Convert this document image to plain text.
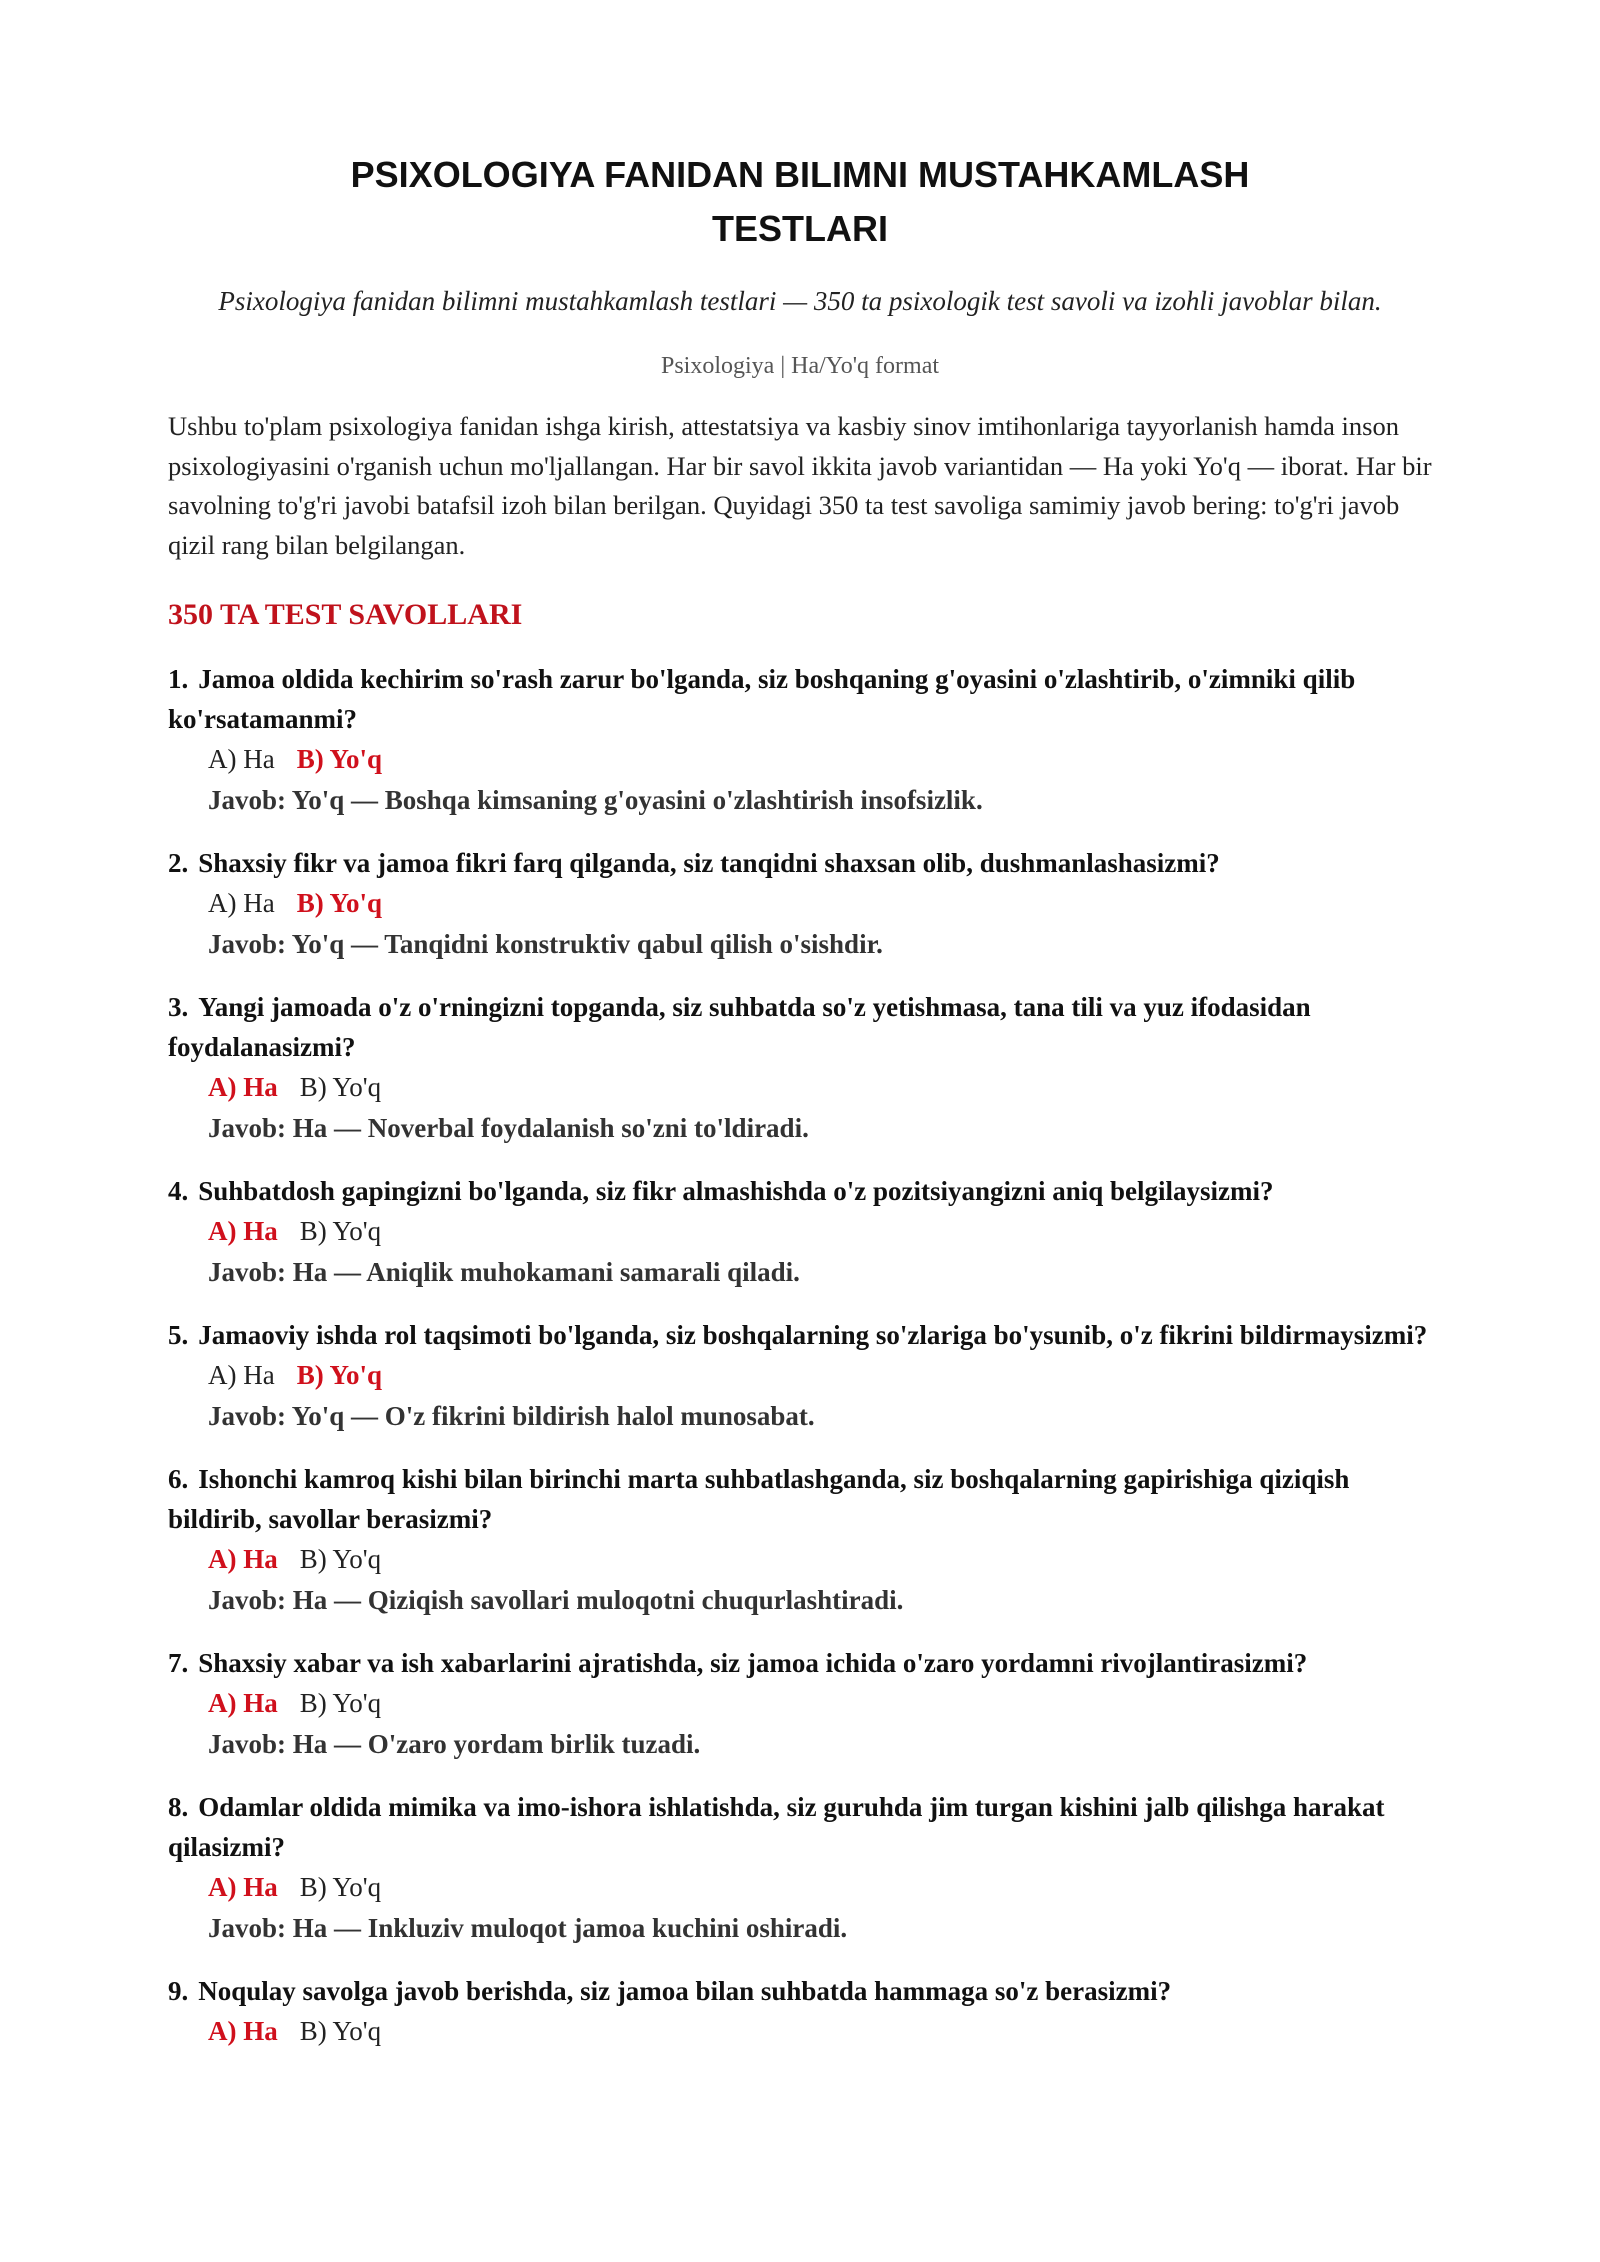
PSIXOLOGIYA FANIDAN BILIMNI MUSTAHKAMLASH
TESTLARI
Psixologiya fanidan bilimni mustahkamlash testlari — 350 ta psixologik test savoli va izohli javoblar bilan.
Psixologiya | Ha/Yo'q format
Ushbu to'plam psixologiya fanidan ishga kirish, attestatsiya va kasbiy sinov imtihonlariga tayyorlanish hamda inson psixologiyasini o'rganish uchun mo'ljallangan. Har bir savol ikkita javob variantidan — Ha yoki Yo'q — iborat. Har bir savolning to'g'ri javobi batafsil izoh bilan berilgan. Quyidagi 350 ta test savoliga samimiy javob bering: to'g'ri javob qizil rang bilan belgilangan.
350 TA TEST SAVOLLARI
1. Jamoa oldida kechirim so'rash zarur bo'lganda, siz boshqaning g'oyasini o'zlashtirib, o'zimniki qilib ko'rsatamanmi?
A) Ha B) Yo'q
Javob: Yo'q — Boshqa kimsaning g'oyasini o'zlashtirish insofsizlik.
2. Shaxsiy fikr va jamoa fikri farq qilganda, siz tanqidni shaxsan olib, dushmanlashasizmi?
A) Ha B) Yo'q
Javob: Yo'q — Tanqidni konstruktiv qabul qilish o'sishdir.
3. Yangi jamoada o'z o'rningizni topganda, siz suhbatda so'z yetishmasa, tana tili va yuz ifodasidan foydalanasizmi?
A) Ha B) Yo'q
Javob: Ha — Noverbal foydalanish so'zni to'ldiradi.
4. Suhbatdosh gapingizni bo'lganda, siz fikr almashishda o'z pozitsiyangizni aniq belgilaysizmi?
A) Ha B) Yo'q
Javob: Ha — Aniqlik muhokamani samarali qiladi.
5. Jamaoviy ishda rol taqsimoti bo'lganda, siz boshqalarning so'zlariga bo'ysunib, o'z fikrini bildirmaysizmi?
A) Ha B) Yo'q
Javob: Yo'q — O'z fikrini bildirish halol munosabat.
6. Ishonchi kamroq kishi bilan birinchi marta suhbatlashganda, siz boshqalarning gapirishiga qiziqish bildirib, savollar berasizmi?
A) Ha B) Yo'q
Javob: Ha — Qiziqish savollari muloqotni chuqurlashtiradi.
7. Shaxsiy xabar va ish xabarlarini ajratishda, siz jamoa ichida o'zaro yordamni rivojlantirasizmi?
A) Ha B) Yo'q
Javob: Ha — O'zaro yordam birlik tuzadi.
8. Odamlar oldida mimika va imo-ishora ishlatishda, siz guruhda jim turgan kishini jalb qilishga harakat qilasizmi?
A) Ha B) Yo'q
Javob: Ha — Inkluziv muloqot jamoa kuchini oshiradi.
9. Noqulay savolga javob berishda, siz jamoa bilan suhbatda hammaga so'z berasizmi?
A) Ha B) Yo'q
